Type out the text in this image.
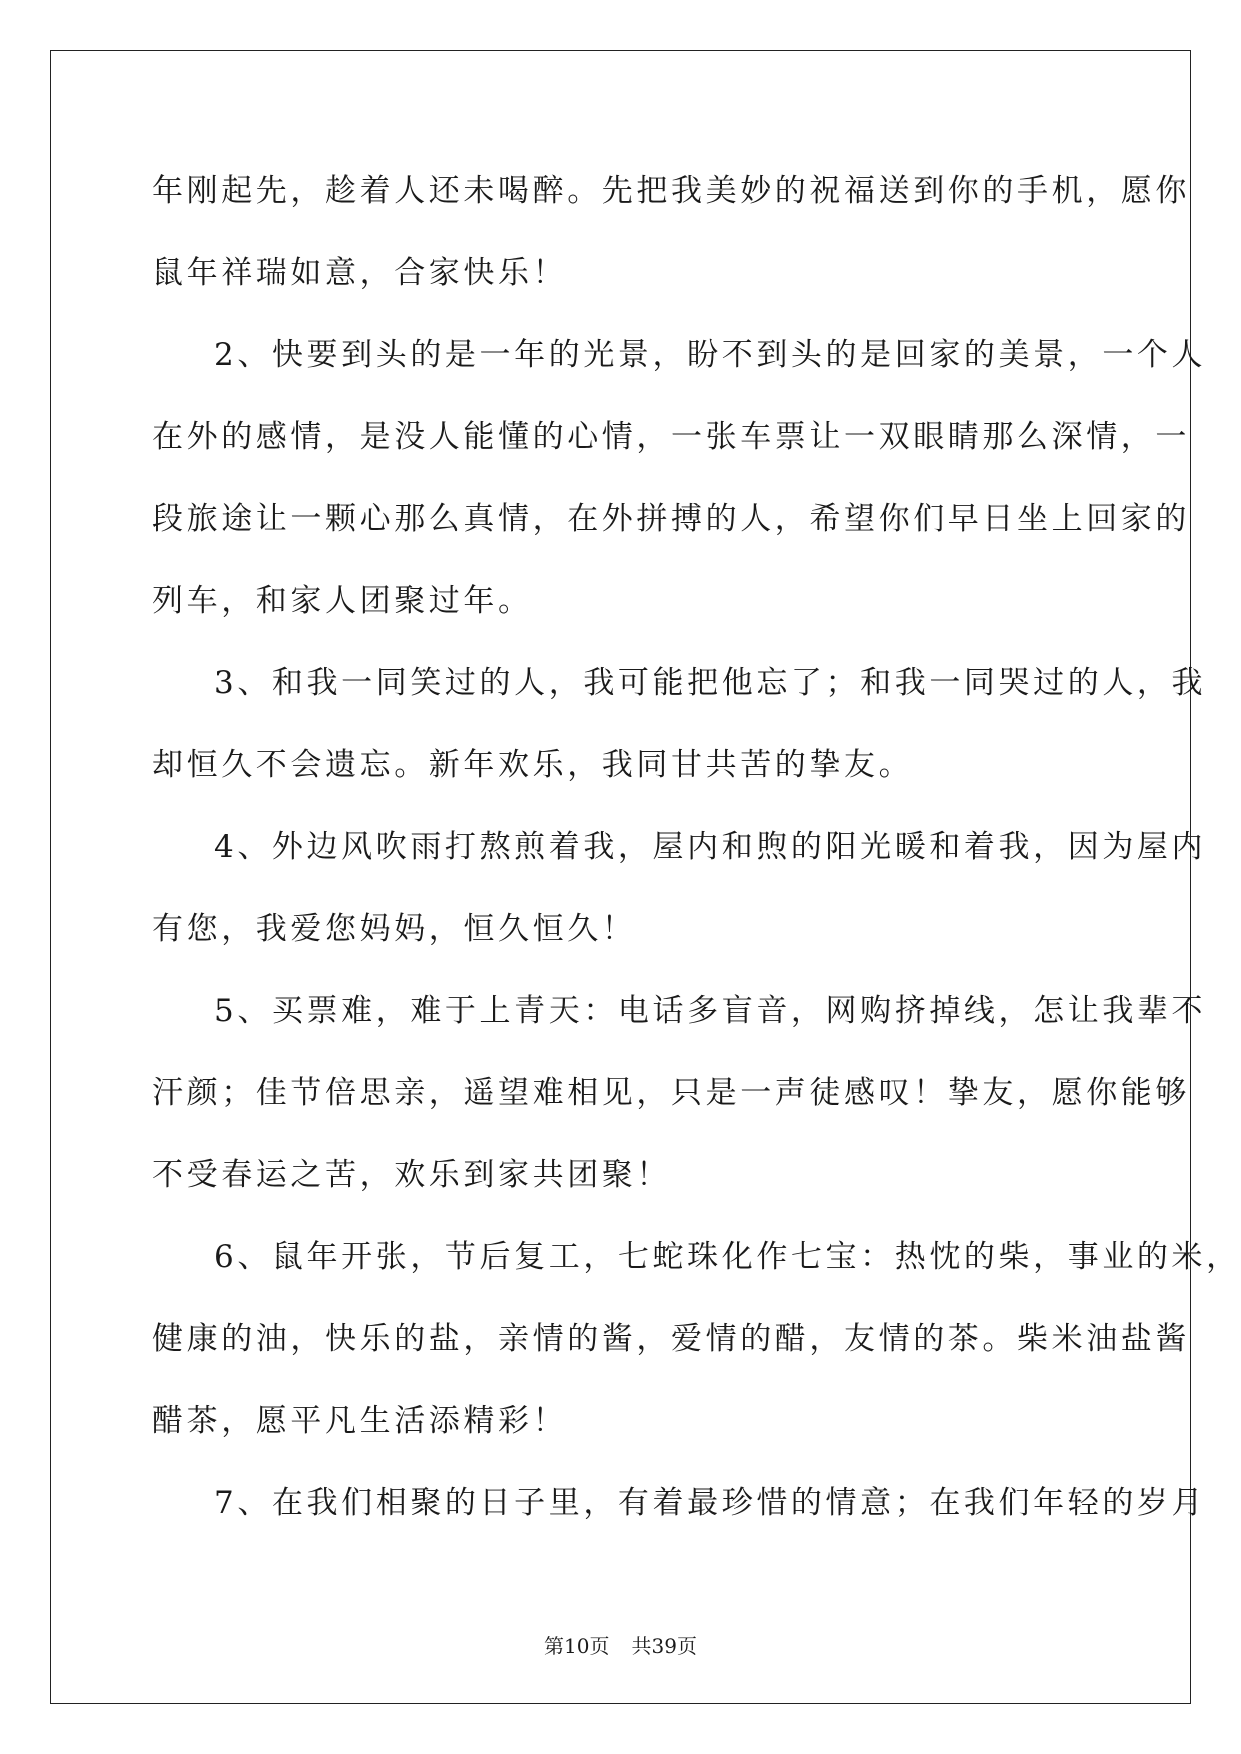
年刚起先，趁着人还未喝醉。先把我美妙的祝福送到你的手机，愿你
鼠年祥瑞如意，合家快乐！
2、快要到头的是一年的光景，盼不到头的是回家的美景，一个人
在外的感情，是没人能懂的心情，一张车票让一双眼睛那么深情，一
段旅途让一颗心那么真情，在外拼搏的人，希望你们早日坐上回家的
列车，和家人团聚过年。
3、和我一同笑过的人，我可能把他忘了；和我一同哭过的人，我
却恒久不会遗忘。新年欢乐，我同甘共苦的挚友。
4、外边风吹雨打熬煎着我，屋内和煦的阳光暖和着我，因为屋内
有您，我爱您妈妈，恒久恒久！
5、买票难，难于上青天：电话多盲音，网购挤掉线，怎让我辈不
汗颜；佳节倍思亲，遥望难相见，只是一声徒感叹！挚友，愿你能够
不受春运之苦，欢乐到家共团聚！
6、鼠年开张，节后复工，七蛇珠化作七宝：热忱的柴，事业的米，
健康的油，快乐的盐，亲情的酱，爱情的醋，友情的茶。柴米油盐酱
醋茶，愿平凡生活添精彩！
7、在我们相聚的日子里，有着最珍惜的情意；在我们年轻的岁月
第10页 共39页
